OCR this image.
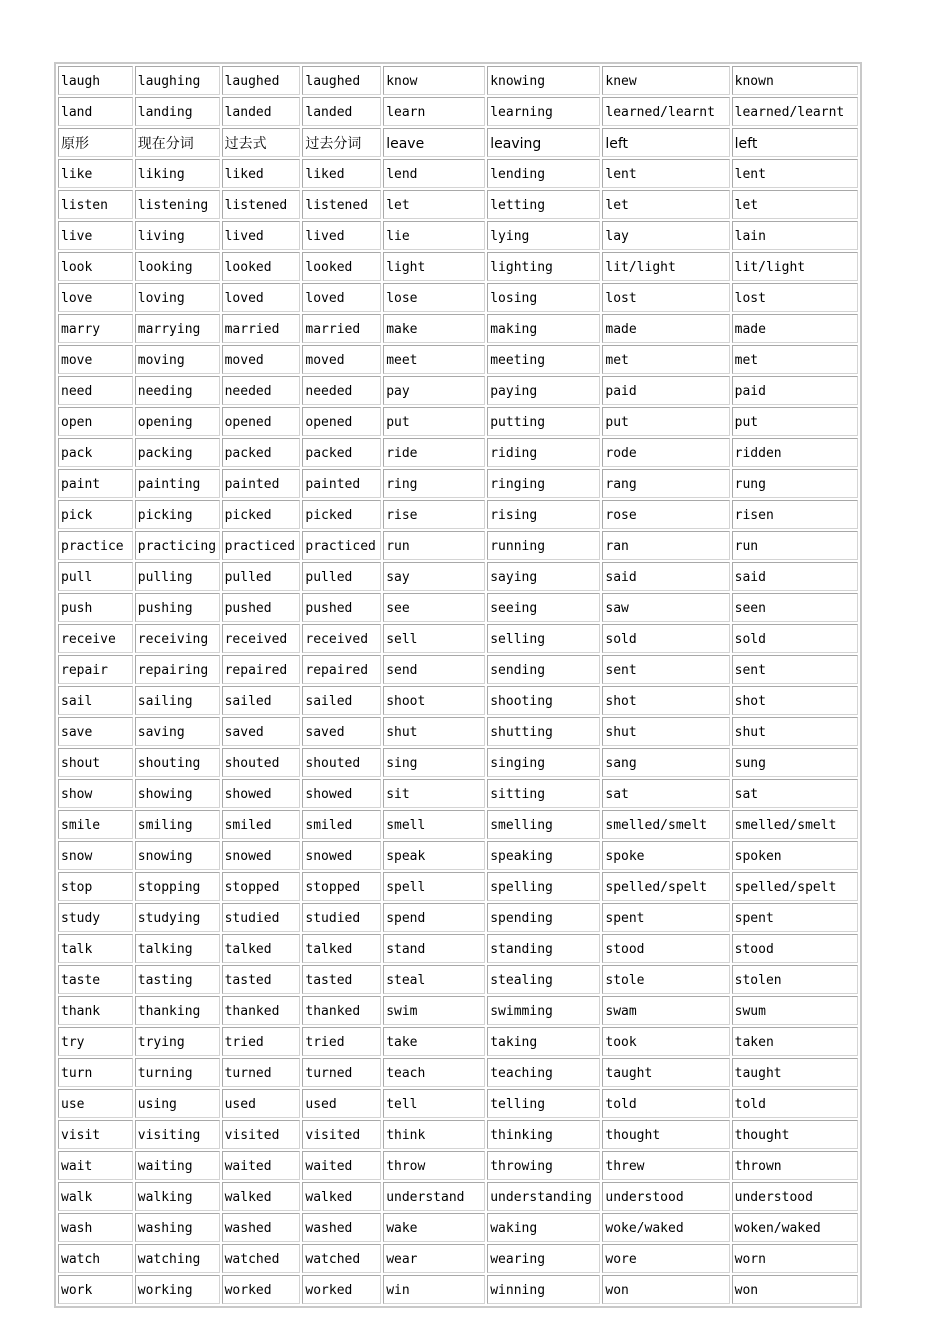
laugh	laughing	laughed	laughed	know	knowing	knew	known
land	landing	landed	landed	learn	learning	learned/learnt	learned/learnt
原形	现在分词	过去式	过去分词	leave	leaving	left	left
like	liking	liked	liked	lend	lending	lent	lent
listen	listening	listened	listened	let	letting	let	let
live	living	lived	lived	lie	lying	lay	lain
look	looking	looked	looked	light	lighting	lit/light	lit/light
love	loving	loved	loved	lose	losing	lost	lost
marry	marrying	married	married	make	making	made	made
move	moving	moved	moved	meet	meeting	met	met
need	needing	needed	needed	pay	paying	paid	paid
open	opening	opened	opened	put	putting	put	put
pack	packing	packed	packed	ride	riding	rode	ridden
paint	painting	painted	painted	ring	ringing	rang	rung
pick	picking	picked	picked	rise	rising	rose	risen
practice	practicing	practiced	practiced	run	running	ran	run
pull	pulling	pulled	pulled	say	saying	said	said
push	pushing	pushed	pushed	see	seeing	saw	seen
receive	receiving	received	received	sell	selling	sold	sold
repair	repairing	repaired	repaired	send	sending	sent	sent
sail	sailing	sailed	sailed	shoot	shooting	shot	shot
save	saving	saved	saved	shut	shutting	shut	shut
shout	shouting	shouted	shouted	sing	singing	sang	sung
show	showing	showed	showed	sit	sitting	sat	sat
smile	smiling	smiled	smiled	smell	smelling	smelled/smelt	smelled/smelt
snow	snowing	snowed	snowed	speak	speaking	spoke	spoken
stop	stopping	stopped	stopped	spell	spelling	spelled/spelt	spelled/spelt
study	studying	studied	studied	spend	spending	spent	spent
talk	talking	talked	talked	stand	standing	stood	stood
taste	tasting	tasted	tasted	steal	stealing	stole	stolen
thank	thanking	thanked	thanked	swim	swimming	swam	swum
try	trying	tried	tried	take	taking	took	taken
turn	turning	turned	turned	teach	teaching	taught	taught
use	using	used	used	tell	telling	told	told
visit	visiting	visited	visited	think	thinking	thought	thought
wait	waiting	waited	waited	throw	throwing	threw	thrown
walk	walking	walked	walked	understand	understanding	understood	understood
wash	washing	washed	washed	wake	waking	woke/waked	woken/waked
watch	watching	watched	watched	wear	wearing	wore	worn
work	working	worked	worked	win	winning	won	won
